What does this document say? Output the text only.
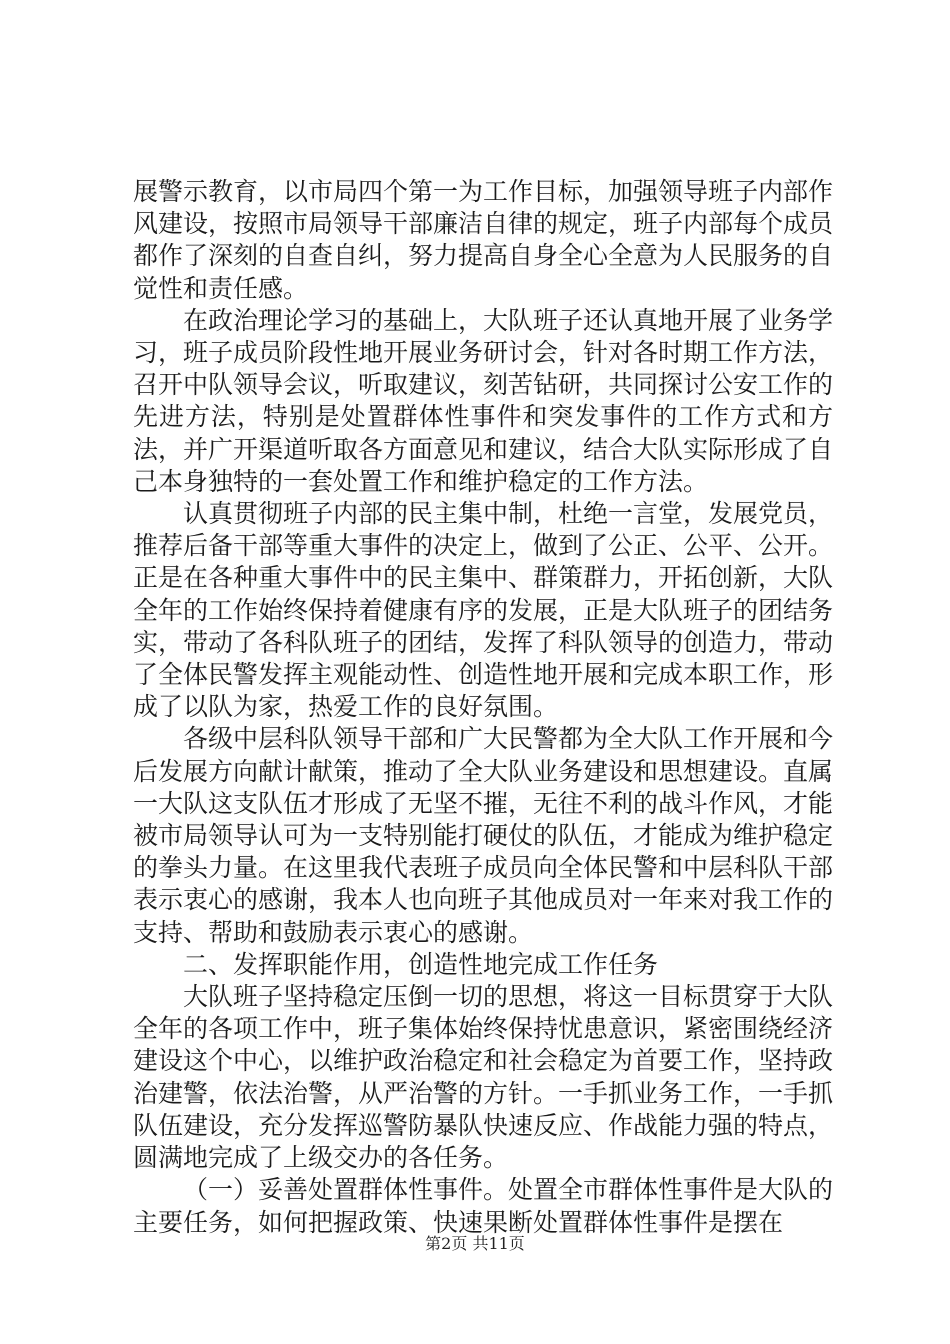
展警示教育，以市局四个第一为工作目标，加强领导班子内部作风建设，按照市局领导干部廉洁自律的规定，班子内部每个成员都作了深刻的自查自纠，努力提高自身全心全意为人民服务的自觉性和责任感。

在政治理论学习的基础上，大队班子还认真地开展了业务学习，班子成员阶段性地开展业务研讨会，针对各时期工作方法，召开中队领导会议，听取建议，刻苦钻研，共同探讨公安工作的先进方法，特别是处置群体性事件和突发事件的工作方式和方法，并广开渠道听取各方面意见和建议，结合大队实际形成了自己本身独特的一套处置工作和维护稳定的工作方法。

认真贯彻班子内部的民主集中制，杜绝一言堂，发展党员，推荐后备干部等重大事件的决定上，做到了公正、公平、公开。正是在各种重大事件中的民主集中、群策群力，开拓创新，大队全年的工作始终保持着健康有序的发展，正是大队班子的团结务实，带动了各科队班子的团结，发挥了科队领导的创造力，带动了全体民警发挥主观能动性、创造性地开展和完成本职工作，形成了以队为家，热爱工作的良好氛围。

各级中层科队领导干部和广大民警都为全大队工作开展和今后发展方向献计献策，推动了全大队业务建设和思想建设。直属一大队这支队伍才形成了无坚不摧，无往不利的战斗作风，才能被市局领导认可为一支特别能打硬仗的队伍，才能成为维护稳定的拳头力量。在这里我代表班子成员向全体民警和中层科队干部表示衷心的感谢，我本人也向班子其他成员对一年来对我工作的支持、帮助和鼓励表示衷心的感谢。

二、发挥职能作用，创造性地完成工作任务

大队班子坚持稳定压倒一切的思想，将这一目标贯穿于大队全年的各项工作中，班子集体始终保持忧患意识，紧密围绕经济建设这个中心，以维护政治稳定和社会稳定为首要工作，坚持政治建警，依法治警，从严治警的方针。一手抓业务工作，一手抓队伍建设，充分发挥巡警防暴队快速反应、作战能力强的特点，圆满地完成了上级交办的各任务。

（一）妥善处置群体性事件。处置全市群体性事件是大队的主要任务，如何把握政策、快速果断处置群体性事件是摆在

第2页 共11页
